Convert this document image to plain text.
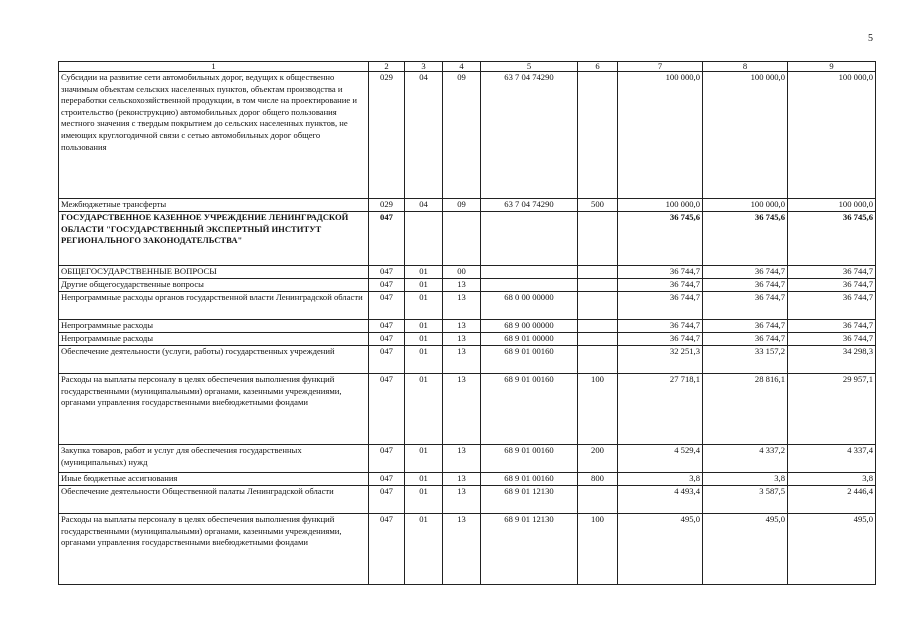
5
1	2	3	4	5	6	7	8	9
Субсидии на развитие сети автомобильных дорог, ведущих к общественно значимым объектам сельских населенных пунктов, объектам производства и переработки сельскохозяйственной продукции, в том числе на проектирование и строительство (реконструкцию) автомобильных дорог общего пользования местного значения с твердым покрытием до сельских населенных пунктов, не имеющих круглогодичной связи с сетью автомобильных дорог общего пользования	029	04	09	63 7 04 74290		100 000,0	100 000,0	100 000,0
Межбюджетные трансферты	029	04	09	63 7 04 74290	500	100 000,0	100 000,0	100 000,0
ГОСУДАРСТВЕННОЕ КАЗЕННОЕ УЧРЕЖДЕНИЕ ЛЕНИНГРАДСКОЙ ОБЛАСТИ "ГОСУДАРСТВЕННЫЙ ЭКСПЕРТНЫЙ ИНСТИТУТ РЕГИОНАЛЬНОГО ЗАКОНОДАТЕЛЬСТВА"	047					36 745,6	36 745,6	36 745,6
ОБЩЕГОСУДАРСТВЕННЫЕ ВОПРОСЫ	047	01	00			36 744,7	36 744,7	36 744,7
Другие общегосударственные вопросы	047	01	13			36 744,7	36 744,7	36 744,7
Непрограммные расходы органов государственной власти Ленинградской области	047	01	13	68 0 00 00000		36 744,7	36 744,7	36 744,7
Непрограммные расходы	047	01	13	68 9 00 00000		36 744,7	36 744,7	36 744,7
Непрограммные расходы	047	01	13	68 9 01 00000		36 744,7	36 744,7	36 744,7
Обеспечение деятельности (услуги, работы) государственных учреждений	047	01	13	68 9 01 00160		32 251,3	33 157,2	34 298,3
Расходы на выплаты персоналу в целях обеспечения выполнения функций государственными (муниципальными) органами, казенными учреждениями, органами управления государственными внебюджетными фондами	047	01	13	68 9 01 00160	100	27 718,1	28 816,1	29 957,1
Закупка товаров, работ и услуг для обеспечения государственных (муниципальных) нужд	047	01	13	68 9 01 00160	200	4 529,4	4 337,2	4 337,4
Иные бюджетные ассигнования	047	01	13	68 9 01 00160	800	3,8	3,8	3,8
Обеспечение деятельности Общественной палаты Ленинградской области	047	01	13	68 9 01 12130		4 493,4	3 587,5	2 446,4
Расходы на выплаты персоналу в целях обеспечения выполнения функций государственными (муниципальными) органами, казенными учреждениями, органами управления государственными внебюджетными фондами	047	01	13	68 9 01 12130	100	495,0	495,0	495,0
